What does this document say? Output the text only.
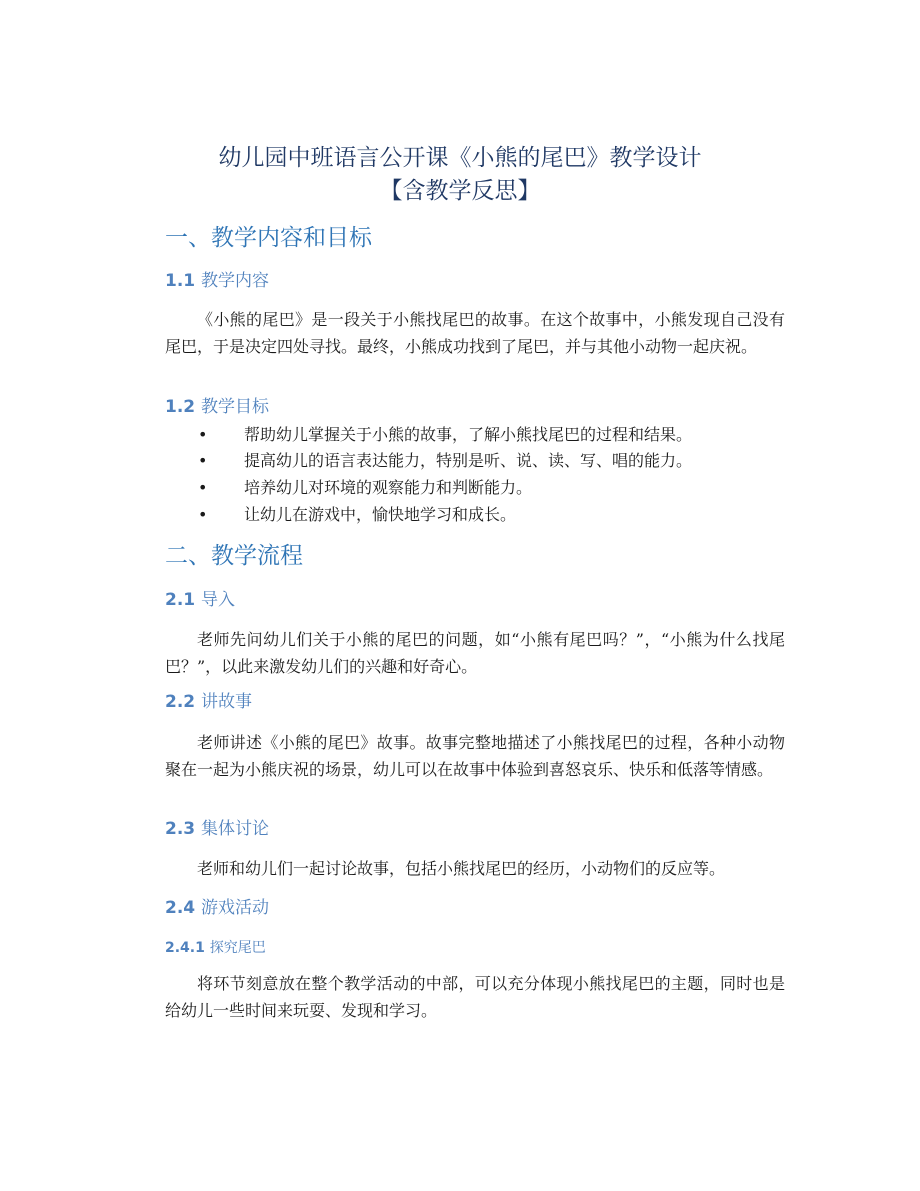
幼儿园中班语言公开课《小熊的尾巴》教学设计
【含教学反思】
一、教学内容和目标
1.1 教学内容

《小熊的尾巴》是一段关于小熊找尾巴的故事。在这个故事中，小熊发现自己没有尾巴，于是决定四处寻找。最终，小熊成功找到了尾巴，并与其他小动物一起庆祝。

1.2 教学目标
• 帮助幼儿掌握关于小熊的故事，了解小熊找尾巴的过程和结果。
• 提高幼儿的语言表达能力，特别是听、说、读、写、唱的能力。
• 培养幼儿对环境的观察能力和判断能力。
• 让幼儿在游戏中，愉快地学习和成长。
二、教学流程
2.1 导入

老师先问幼儿们关于小熊的尾巴的问题，如“小熊有尾巴吗？”，“小熊为什么找尾巴？”，以此来激发幼儿们的兴趣和好奇心。

2.2 讲故事

老师讲述《小熊的尾巴》故事。故事完整地描述了小熊找尾巴的过程，各种小动物聚在一起为小熊庆祝的场景，幼儿可以在故事中体验到喜怒哀乐、快乐和低落等情感。

2.3 集体讨论

老师和幼儿们一起讨论故事，包括小熊找尾巴的经历，小动物们的反应等。

2.4 游戏活动
2.4.1 探究尾巴

将环节刻意放在整个教学活动的中部，可以充分体现小熊找尾巴的主题，同时也是给幼儿一些时间来玩耍、发现和学习。
